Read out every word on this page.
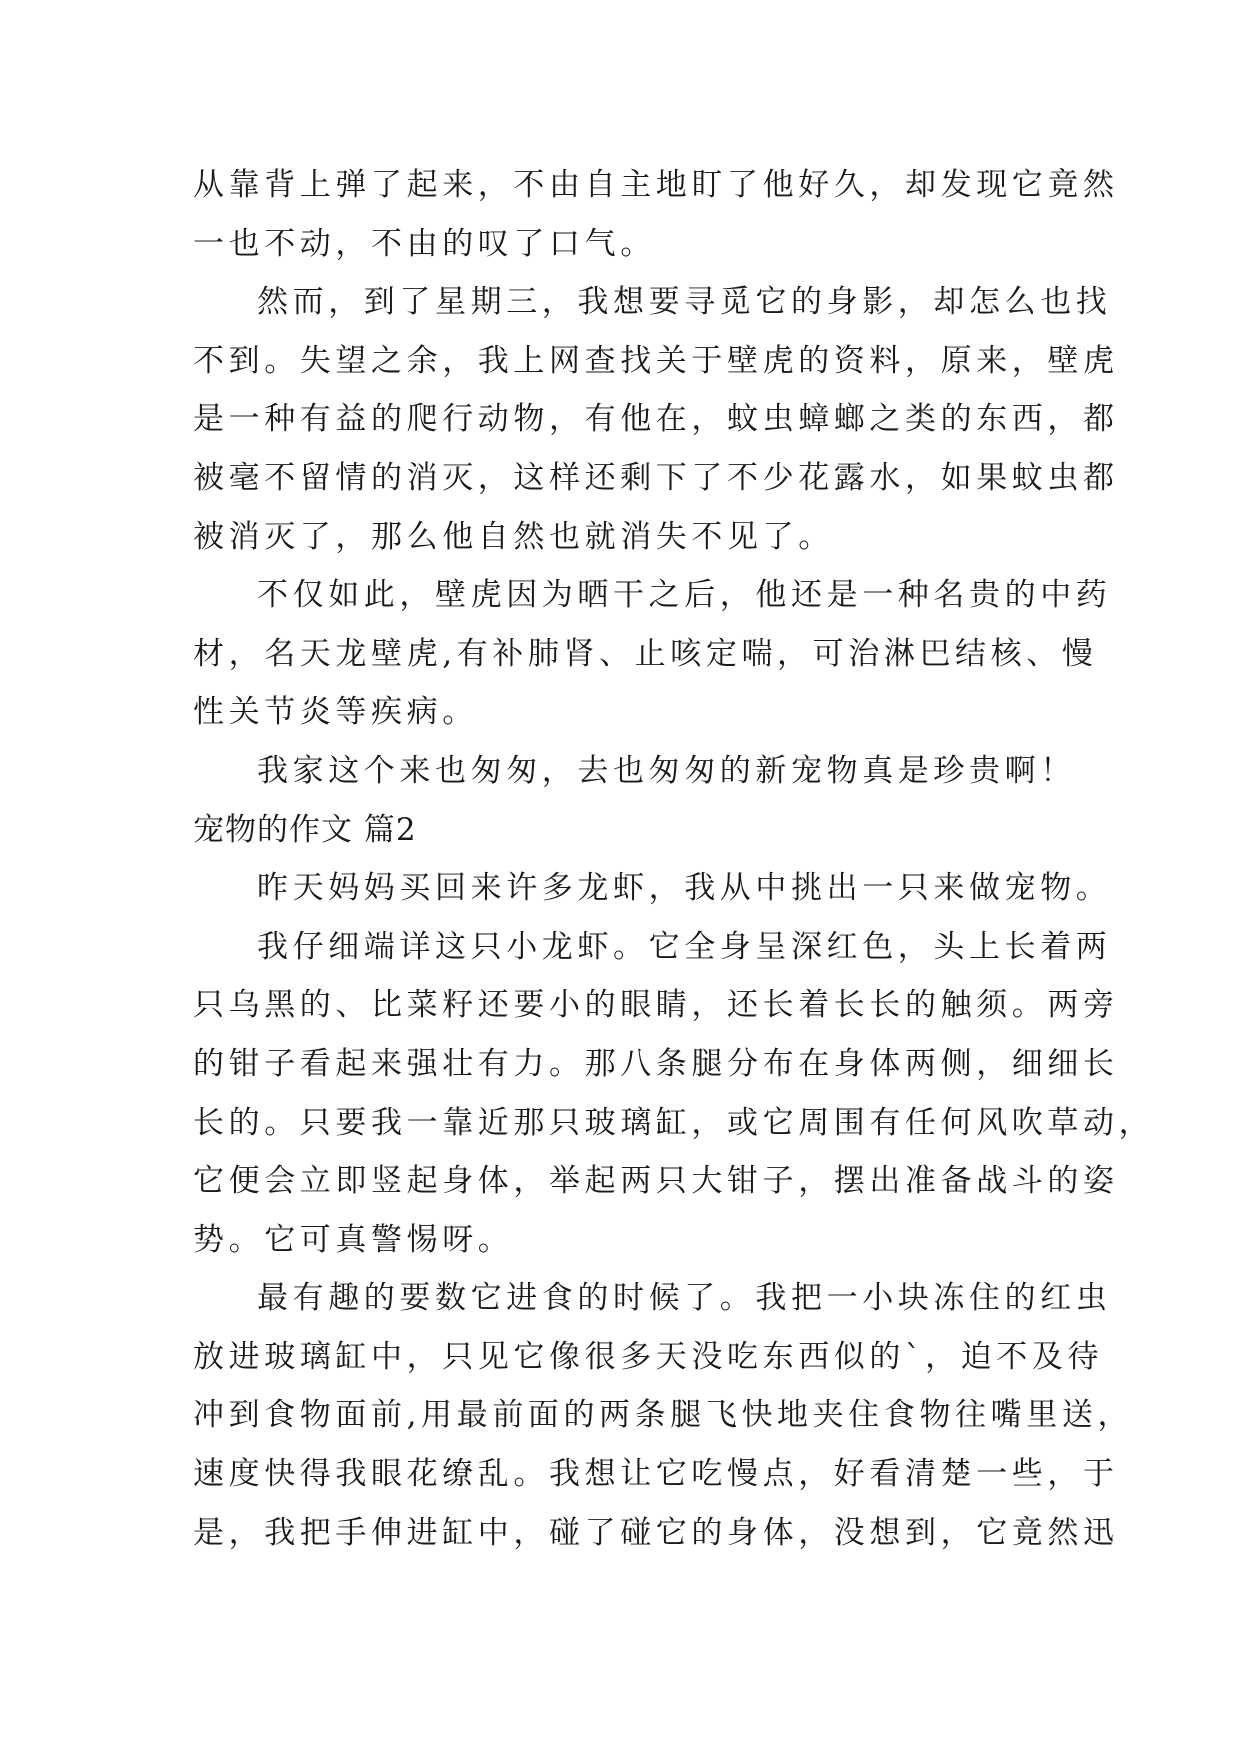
从靠背上弹了起来，不由自主地盯了他好久，却发现它竟然
一也不动，不由的叹了口气。
然而，到了星期三，我想要寻觅它的身影，却怎么也找
不到。失望之余，我上网查找关于壁虎的资料，原来，壁虎
是一种有益的爬行动物，有他在，蚊虫蟑螂之类的东西，都
被毫不留情的消灭，这样还剩下了不少花露水，如果蚊虫都
被消灭了，那么他自然也就消失不见了。
不仅如此，壁虎因为晒干之后，他还是一种名贵的中药
材，名天龙壁虎,有补肺肾、止咳定喘，可治淋巴结核、慢
性关节炎等疾病。
我家这个来也匆匆，去也匆匆的新宠物真是珍贵啊！
宠物的作文 篇2
昨天妈妈买回来许多龙虾，我从中挑出一只来做宠物。
我仔细端详这只小龙虾。它全身呈深红色，头上长着两
只乌黑的、比菜籽还要小的眼睛，还长着长长的触须。两旁
的钳子看起来强壮有力。那八条腿分布在身体两侧，细细长
长的。只要我一靠近那只玻璃缸，或它周围有任何风吹草动，
它便会立即竖起身体，举起两只大钳子，摆出准备战斗的姿
势。它可真警惕呀。
最有趣的要数它进食的时候了。我把一小块冻住的红虫
放进玻璃缸中，只见它像很多天没吃东西似的`，迫不及待
冲到食物面前,用最前面的两条腿飞快地夹住食物往嘴里送，
速度快得我眼花缭乱。我想让它吃慢点，好看清楚一些，于
是，我把手伸进缸中，碰了碰它的身体，没想到，它竟然迅
